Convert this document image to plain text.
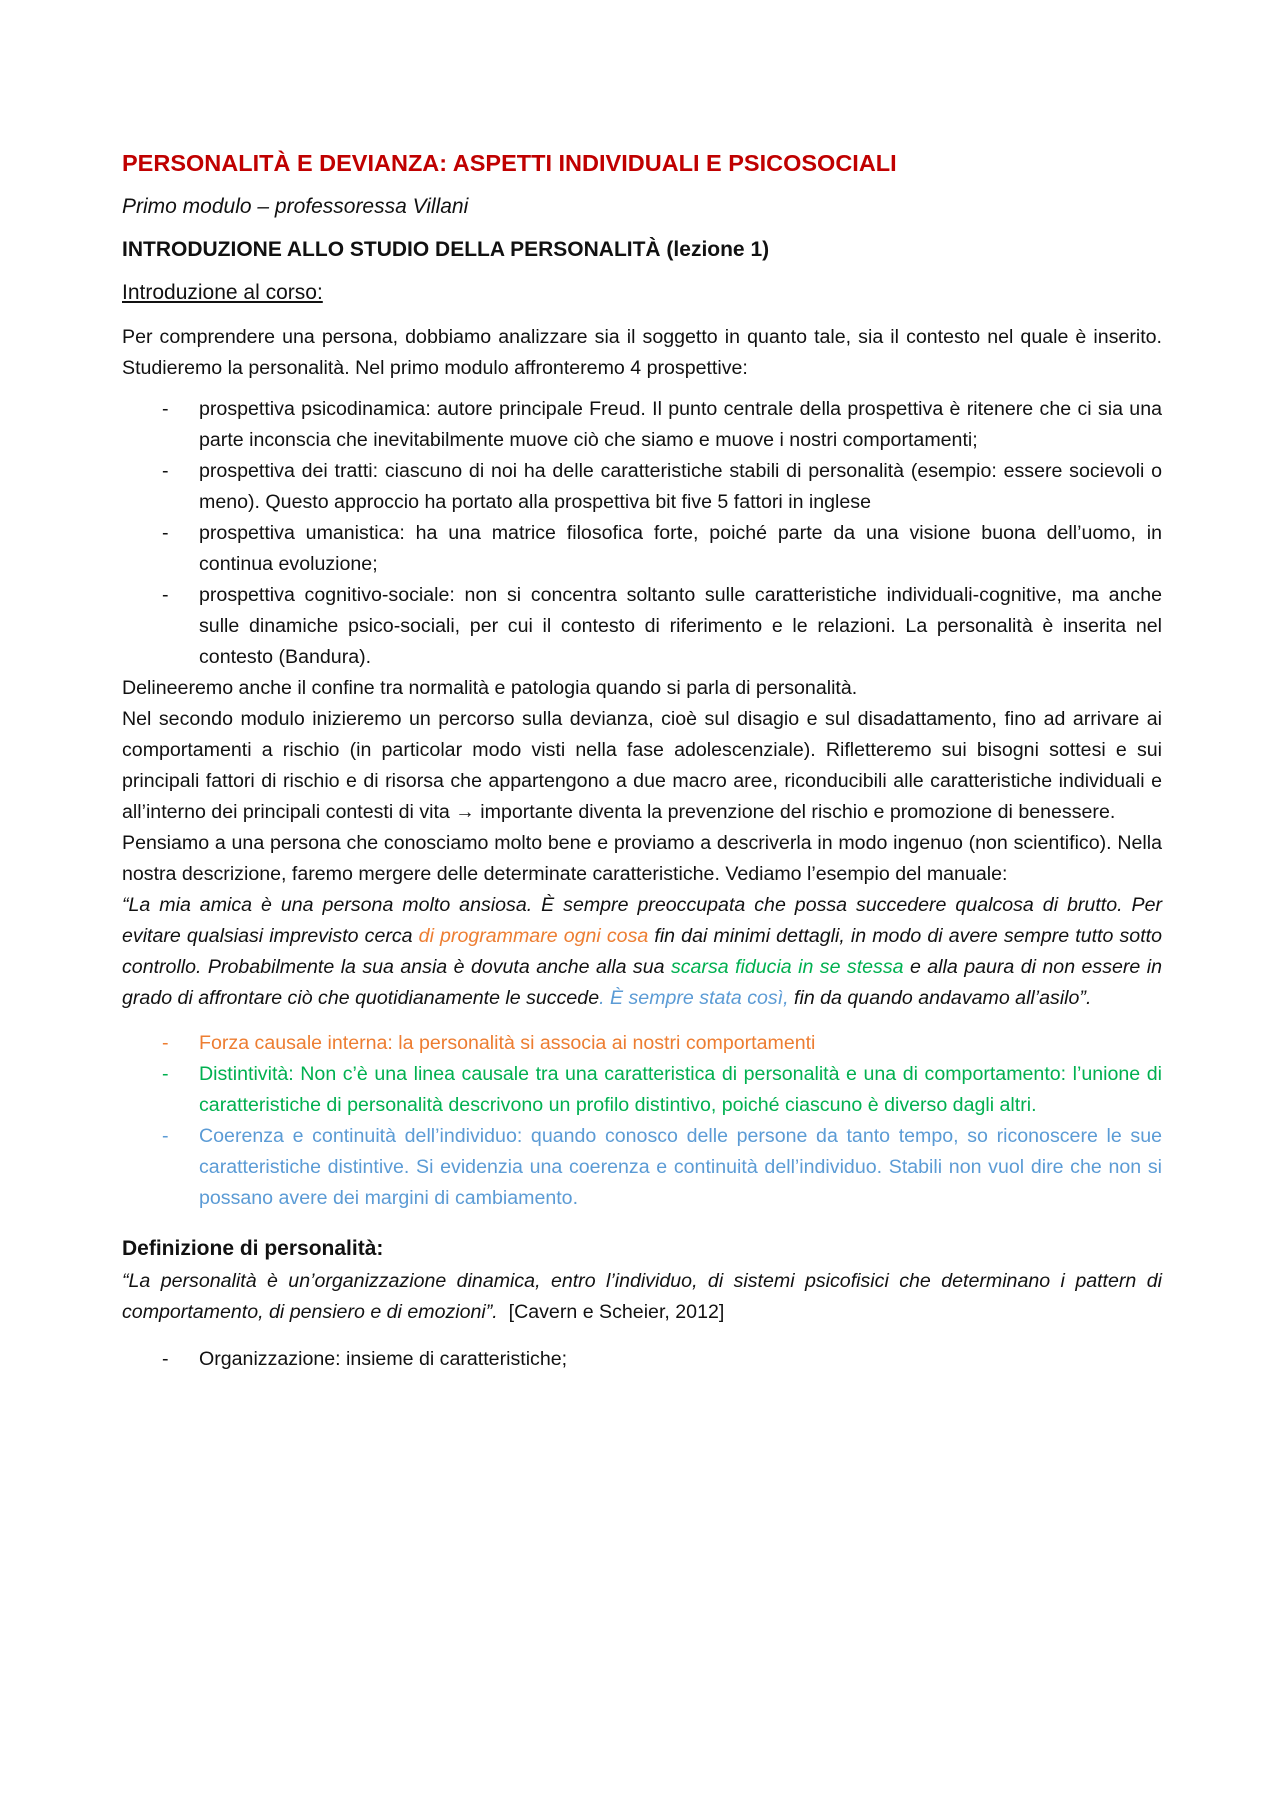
PERSONALITÀ E DEVIANZA: ASPETTI INDIVIDUALI E PSICOSOCIALI
Primo modulo – professoressa Villani
INTRODUZIONE ALLO STUDIO DELLA PERSONALITÀ (lezione 1)
Introduzione al corso:

Per comprendere una persona, dobbiamo analizzare sia il soggetto in quanto tale, sia il contesto nel quale è inserito. Studieremo la personalità. Nel primo modulo affronteremo 4 prospettive:

- prospettiva psicodinamica: autore principale Freud. Il punto centrale della prospettiva è ritenere che ci sia una parte inconscia che inevitabilmente muove ciò che siamo e muove i nostri comportamenti;
- prospettiva dei tratti: ciascuno di noi ha delle caratteristiche stabili di personalità (esempio: essere socievoli o meno). Questo approccio ha portato alla prospettiva bit five 5 fattori in inglese
- prospettiva umanistica: ha una matrice filosofica forte, poiché parte da una visione buona dell’uomo, in continua evoluzione;
- prospettiva cognitivo-sociale: non si concentra soltanto sulle caratteristiche individuali-cognitive, ma anche sulle dinamiche psico-sociali, per cui il contesto di riferimento e le relazioni. La personalità è inserita nel contesto (Bandura).

Delineeremo anche il confine tra normalità e patologia quando si parla di personalità.

Nel secondo modulo inizieremo un percorso sulla devianza, cioè sul disagio e sul disadattamento, fino ad arrivare ai comportamenti a rischio (in particolar modo visti nella fase adolescenziale). Rifletteremo sui bisogni sottesi e sui principali fattori di rischio e di risorsa che appartengono a due macro aree, riconducibili alle caratteristiche individuali e all’interno dei principali contesti di vita → importante diventa la prevenzione del rischio e promozione di benessere.

Pensiamo a una persona che conosciamo molto bene e proviamo a descriverla in modo ingenuo (non scientifico). Nella nostra descrizione, faremo mergere delle determinate caratteristiche. Vediamo l’esempio del manuale:

“La mia amica è una persona molto ansiosa. È sempre preoccupata che possa succedere qualcosa di brutto. Per evitare qualsiasi imprevisto cerca di programmare ogni cosa fin dai minimi dettagli, in modo di avere sempre tutto sotto controllo. Probabilmente la sua ansia è dovuta anche alla sua scarsa fiducia in se stessa e alla paura di non essere in grado di affrontare ciò che quotidianamente le succede. È sempre stata così, fin da quando andavamo all’asilo”.

- Forza causale interna: la personalità si associa ai nostri comportamenti
- Distintività: Non c’è una linea causale tra una caratteristica di personalità e una di comportamento: l’unione di caratteristiche di personalità descrivono un profilo distintivo, poiché ciascuno è diverso dagli altri.
- Coerenza e continuità dell’individuo: quando conosco delle persone da tanto tempo, so riconoscere le sue caratteristiche distintive. Si evidenzia una coerenza e continuità dell’individuo. Stabili non vuol dire che non si possano avere dei margini di cambiamento.
Definizione di personalità:

“La personalità è un’organizzazione dinamica, entro l’individuo, di sistemi psicofisici che determinano i pattern di comportamento, di pensiero e di emozioni”. [Cavern e Scheier, 2012]

- Organizzazione: insieme di caratteristiche;
